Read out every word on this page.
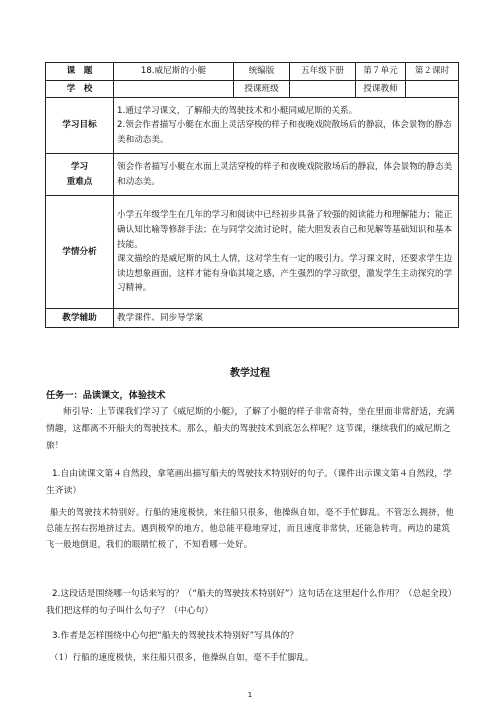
课　题	18.威尼斯的小艇	统编版	五年级下册	第７单元	第２课时
学　校		授课班级		授课教师	
学习目标	1.通过学习课文，了解船夫的驾驶技术和小艇同威尼斯的关系。
2.领会作者描写小艇在水面上灵活穿梭的样子和夜晚戏院散场后的静寂，体会景物的静态美和动态美。				

学习
重难点	领会作者描写小艇在水面上灵活穿梭的样子和夜晚戏院散场后的静寂，体会景物的静态美和动态美。				
学情分析	小学五年级学生在几年的学习和阅读中已经初步具备了较强的阅读能力和理解能力；能正确认知比喻等修辞手法；在与同学交流讨论时，能大胆发表自己和见解等基础知识和基本技能。
课文描绘的是威尼斯的风土人情，这对学生有一定的吸引力。学习课文时，还要求学生边读边想象画面，这样才能有身临其境之感，产生强烈的学习欲望，激发学生主动探究的学习精神。				

教学辅助	教学课件、同步导学案				
教学过程
任务一：品读课文，体验技术
师引导：上节课我们学习了《威尼斯的小艇》，了解了小艇的样子非常奇特，坐在里面非常舒适，充满情趣，这都离不开船夫的驾驶技术。那么，船夫的驾驶技术到底怎么样呢？这节课，继续我们的威尼斯之旅！
1.自由读课文第４自然段，拿笔画出描写船夫的驾驶技术特别好的句子。（课件出示课文第４自然段，学生齐读）
船夫的驾驶技术特别好。行船的速度极快，来往船只很多，他操纵自如，毫不手忙脚乱。不管怎么拥挤，他总能左拐右拐地挤过去。遇到极窄的地方，他总能平稳地穿过，而且速度非常快，还能急转弯。两边的建筑飞一般地倒退，我们的眼睛忙极了，不知看哪一处好。
2.这段话是围绕哪一句话来写的？（“船夫的驾驶技术特别好”）这句话在这里起什么作用？（总起全段）我们把这样的句子叫什么句子？（中心句）
3.作者是怎样围绕中心句把“船夫的驾驶技术特别好”写具体的？
（1）行船的速度极快，来往船只很多，他操纵自如，毫不手忙脚乱。
1
